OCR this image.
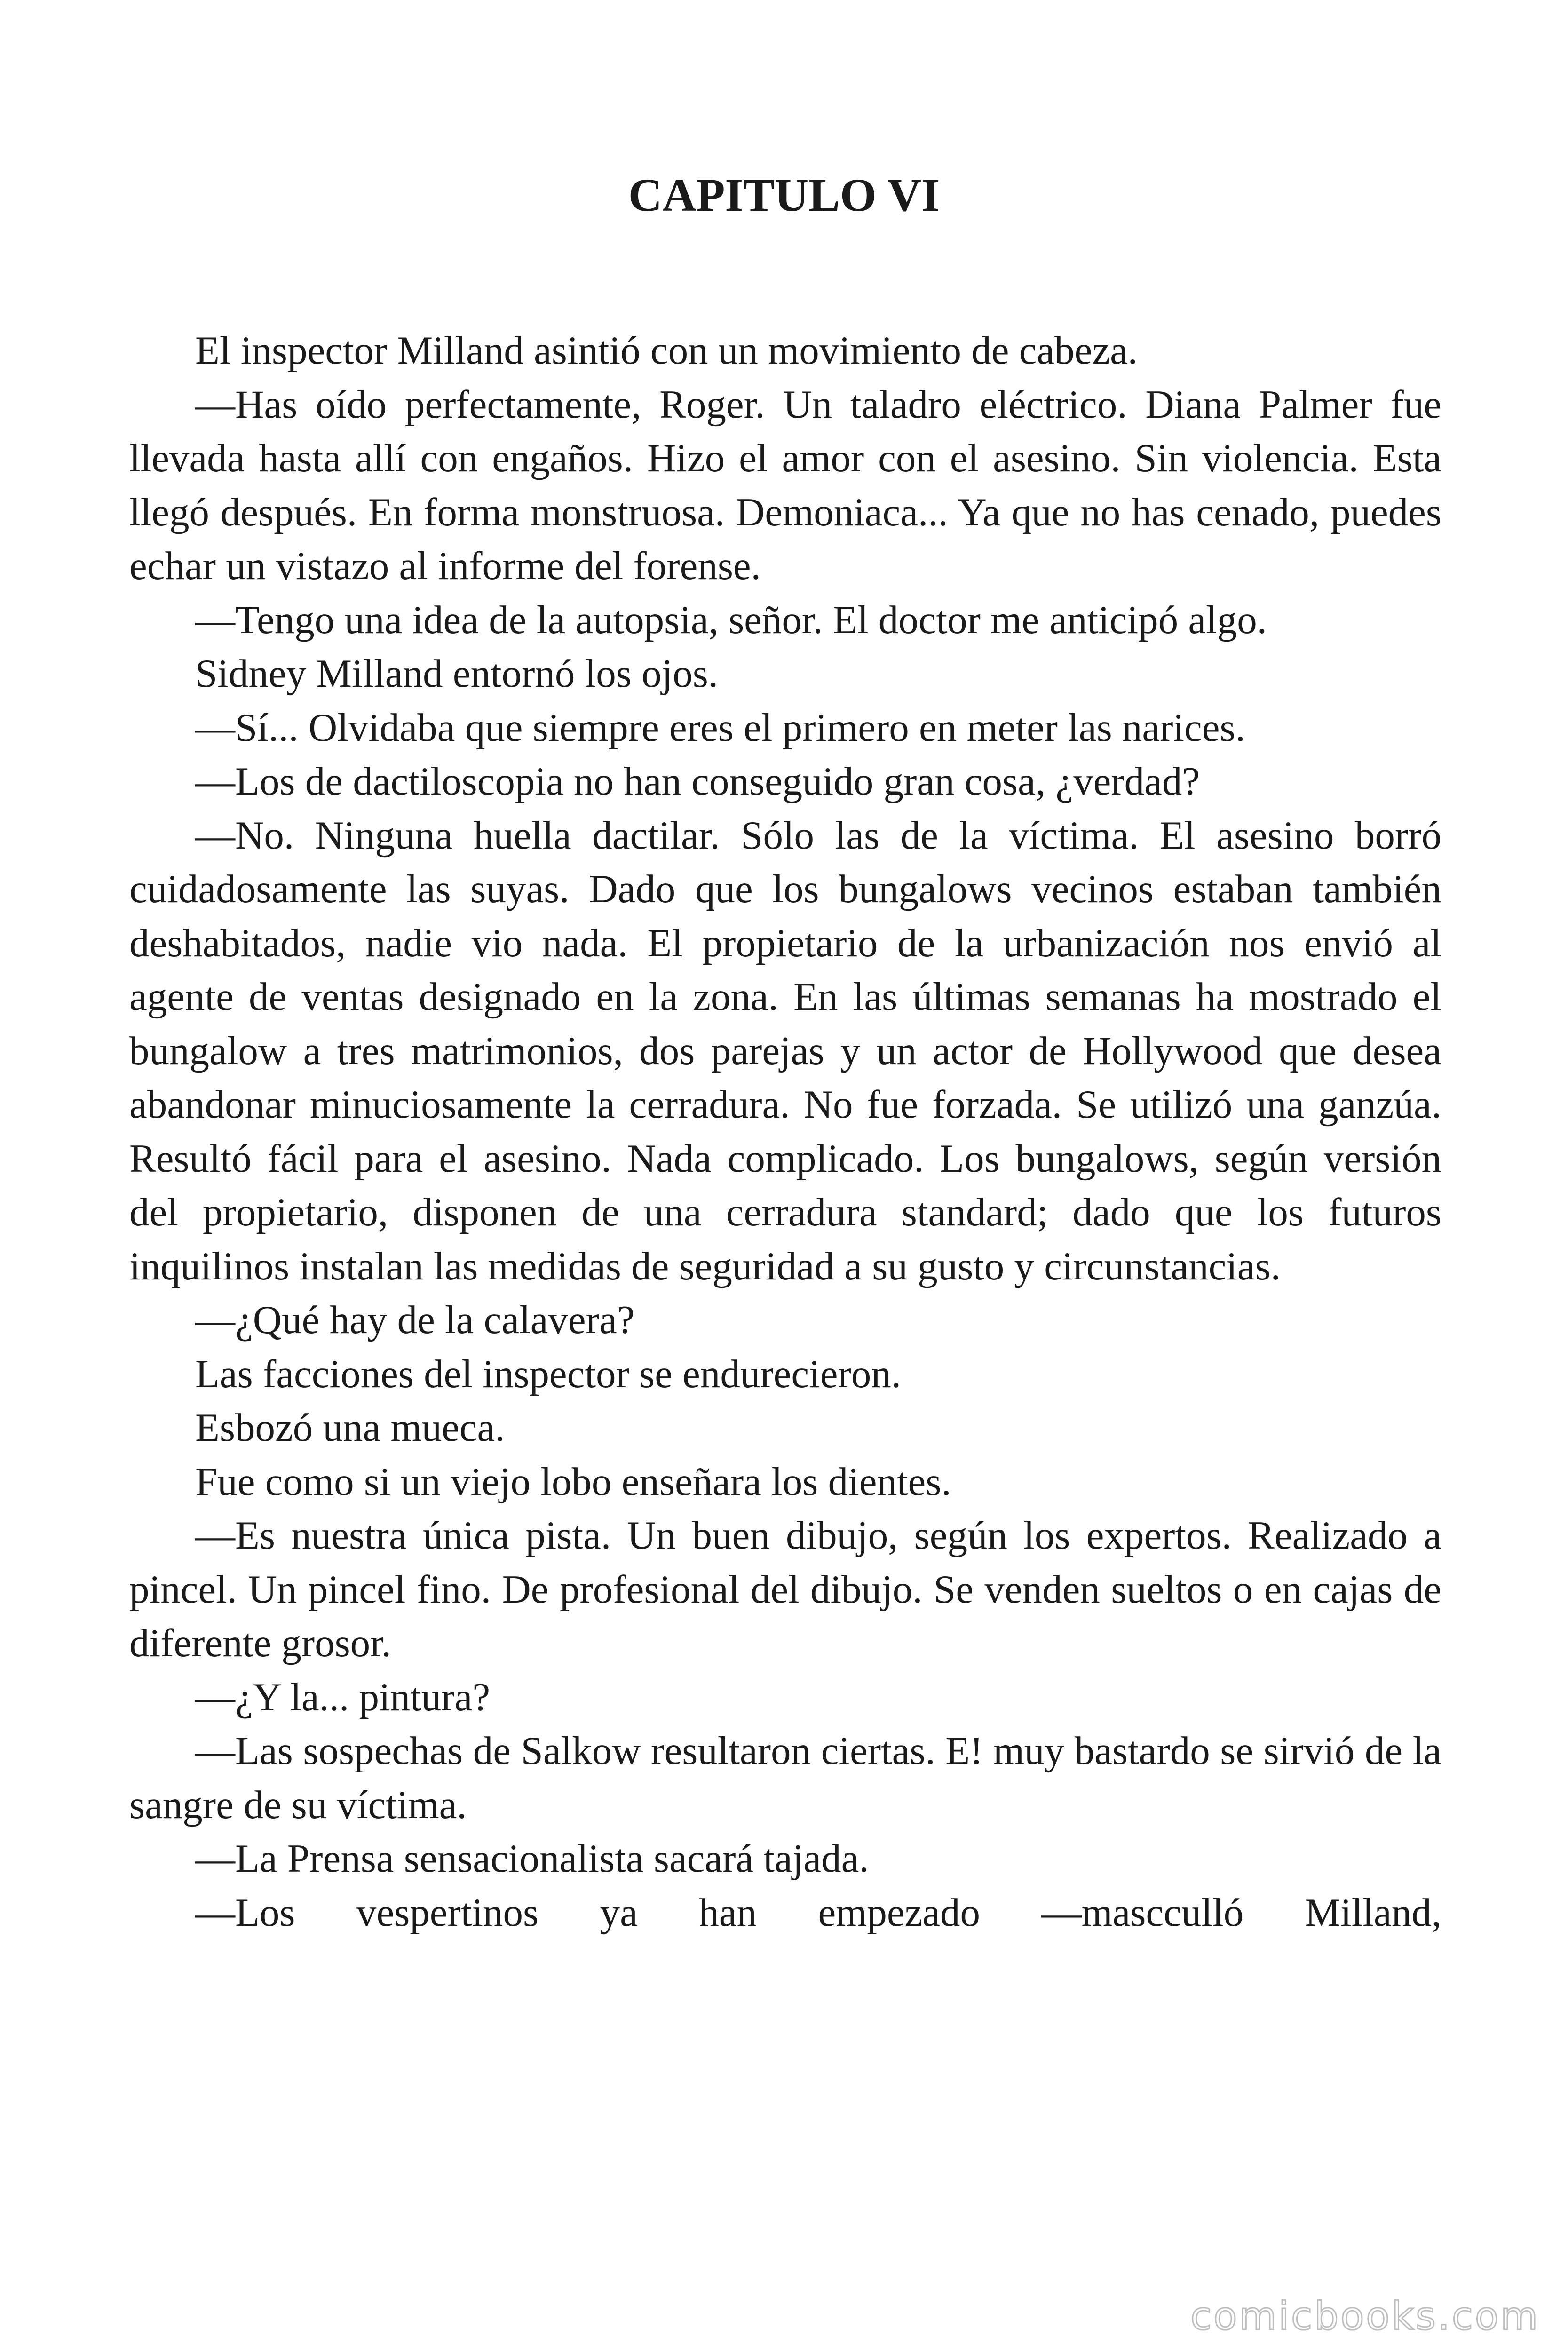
CAPITULO VI

El inspector Milland asintió con un movimiento de cabeza.

—Has oído perfectamente, Roger. Un taladro eléctrico. Diana Palmer fue llevada hasta allí con engaños. Hizo el amor con el asesino. Sin violencia. Esta llegó después. En forma monstruosa. Demoniaca... Ya que no has cenado, puedes echar un vistazo al informe del forense.

—Tengo una idea de la autopsia, señor. El doctor me anticipó algo.

Sidney Milland entornó los ojos.

—Sí... Olvidaba que siempre eres el primero en meter las narices.

—Los de dactiloscopia no han conseguido gran cosa, ¿verdad?

—No. Ninguna huella dactilar. Sólo las de la víctima. El asesino borró cuidadosamente las suyas. Dado que los bungalows vecinos estaban también deshabitados, nadie vio nada. El propietario de la urbanización nos envió al agente de ventas designado en la zona. En las últimas semanas ha mostrado el bungalow a tres matrimonios, dos parejas y un actor de Hollywood que desea abandonar minuciosamente la cerradura. No fue forzada. Se utilizó una ganzúa. Resultó fácil para el asesino. Nada complicado. Los bungalows, según versión del propietario, disponen de una cerradura standard; dado que los futuros inquilinos instalan las medidas de seguridad a su gusto y circunstancias.

—¿Qué hay de la calavera?

Las facciones del inspector se endurecieron.

Esbozó una mueca.

Fue como si un viejo lobo enseñara los dientes.

—Es nuestra única pista. Un buen dibujo, según los expertos. Realizado a pincel. Un pincel fino. De profesional del dibujo. Se venden sueltos o en cajas de diferente grosor.

—¿Y la... pintura?

—Las sospechas de Salkow resultaron ciertas. E! muy bastardo se sirvió de la sangre de su víctima.

—La Prensa sensacionalista sacará tajada.

—Los vespertinos ya han empezado —mascculló Milland,

comicbooks.com
